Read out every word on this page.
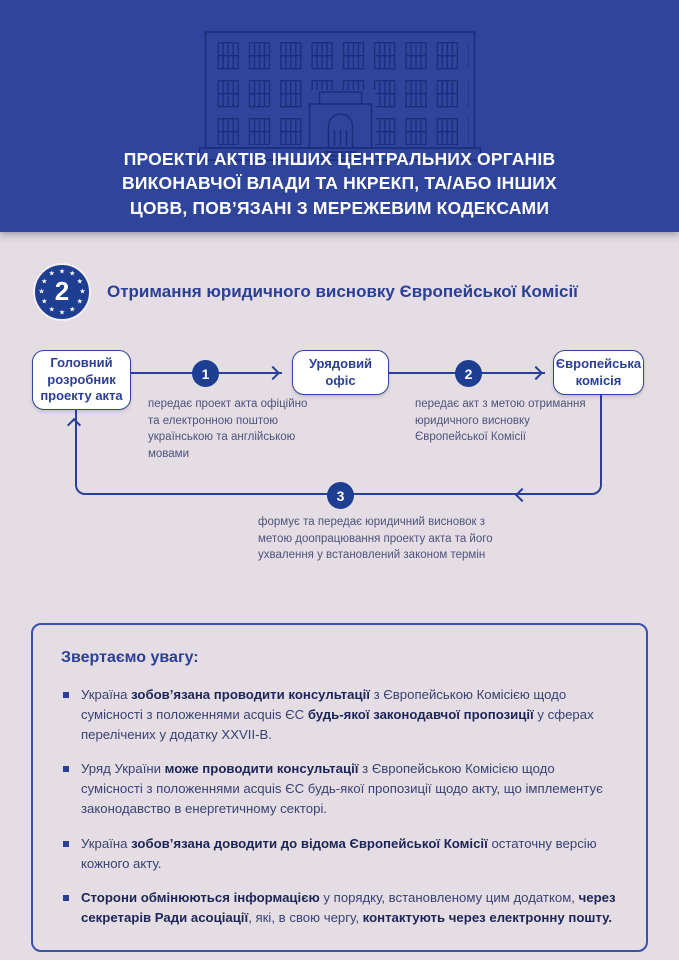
ПРОЕКТИ АКТІВ ІНШИХ ЦЕНТРАЛЬНИХ ОРГАНІВ ВИКОНАВЧОЇ ВЛАДИ ТА НКРЕКП, ТА/АБО ІНШИХ ЦОВВ, ПОВ’ЯЗАНІ З МЕРЕЖЕВИМ КОДЕКСАМИ
2
★ ★
★
★
★
★
★
★
★
★
★
★
Отримання юридичного висновку Європейської Комісії
Головний розробник проекту акта
Урядовий офіс
Європейська комісія
1	2
3
передає проект акта офіційно та електронною поштою українською та англійською мовами
передає акт з метою отримання юридичного висновку Європейської Комісії
формує та передає юридичний висновок з метою доопрацювання проекту акта та його ухвалення у встановлений законом термін
Звертаємо увагу:
Україна зобов’язана проводити консультації з Європейською Комісією щодо сумісності з положеннями acquis ЄС будь-якої законодавчої пропозиції у сферах перелічених у додатку XXVII-B.
Уряд України може проводити консультації з Європейською Комісією щодо сумісності з положеннями acquis ЄС будь-якої пропозиції щодо акту, що імплементує законодавство в енергетичному секторі.
Україна зобов’язана доводити до відома Європейської Комісії остаточну версію кожного акту.
Сторони обмінюються інформацією у порядку, встановленому цим додатком, через секретарів Ради асоціації, які, в свою чергу, контактують через електронну пошту.
